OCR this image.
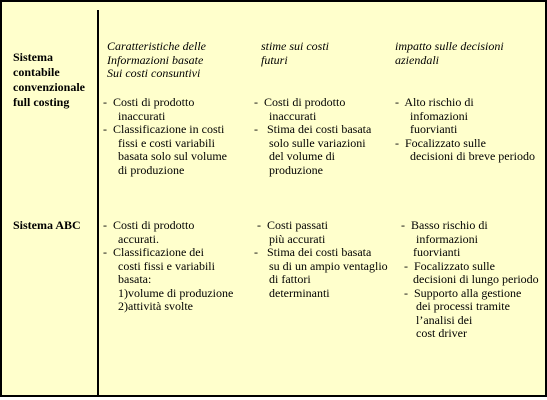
Caratteristiche delle
Informazioni basate
Sui costi consuntivi
stime sui costi
futuri
impatto sulle decisioni
aziendali
Sistema
contabile
convenzionale
full costing	-  Costi di prodotto
inaccurati
-  Classificazione in costi
fissi e costi variabili
basata solo sul volume
di produzione
-  Costi di prodotto
inaccurati
-   Stima dei costi basata
solo sulle variazioni
del volume di
produzione
-  Alto rischio di
infomazioni
fuorvianti
-  Focalizzato sulle
decisioni di breve periodo
Sistema ABC -  Costi di prodotto
accurati.
-  Classificazione dei
costi fissi e variabili
basata:
1)volume di produzione
2)attività svolte
-  Costi passati
più accurati
-   Stima dei costi basata
su di un ampio ventaglio
di fattori
determinanti
-  Basso rischio di
informazioni
fuorvianti
-  Focalizzato sulle
decisioni di lungo periodo
-  Supporto alla gestione
dei processi tramite
l’analisi dei
cost driver
